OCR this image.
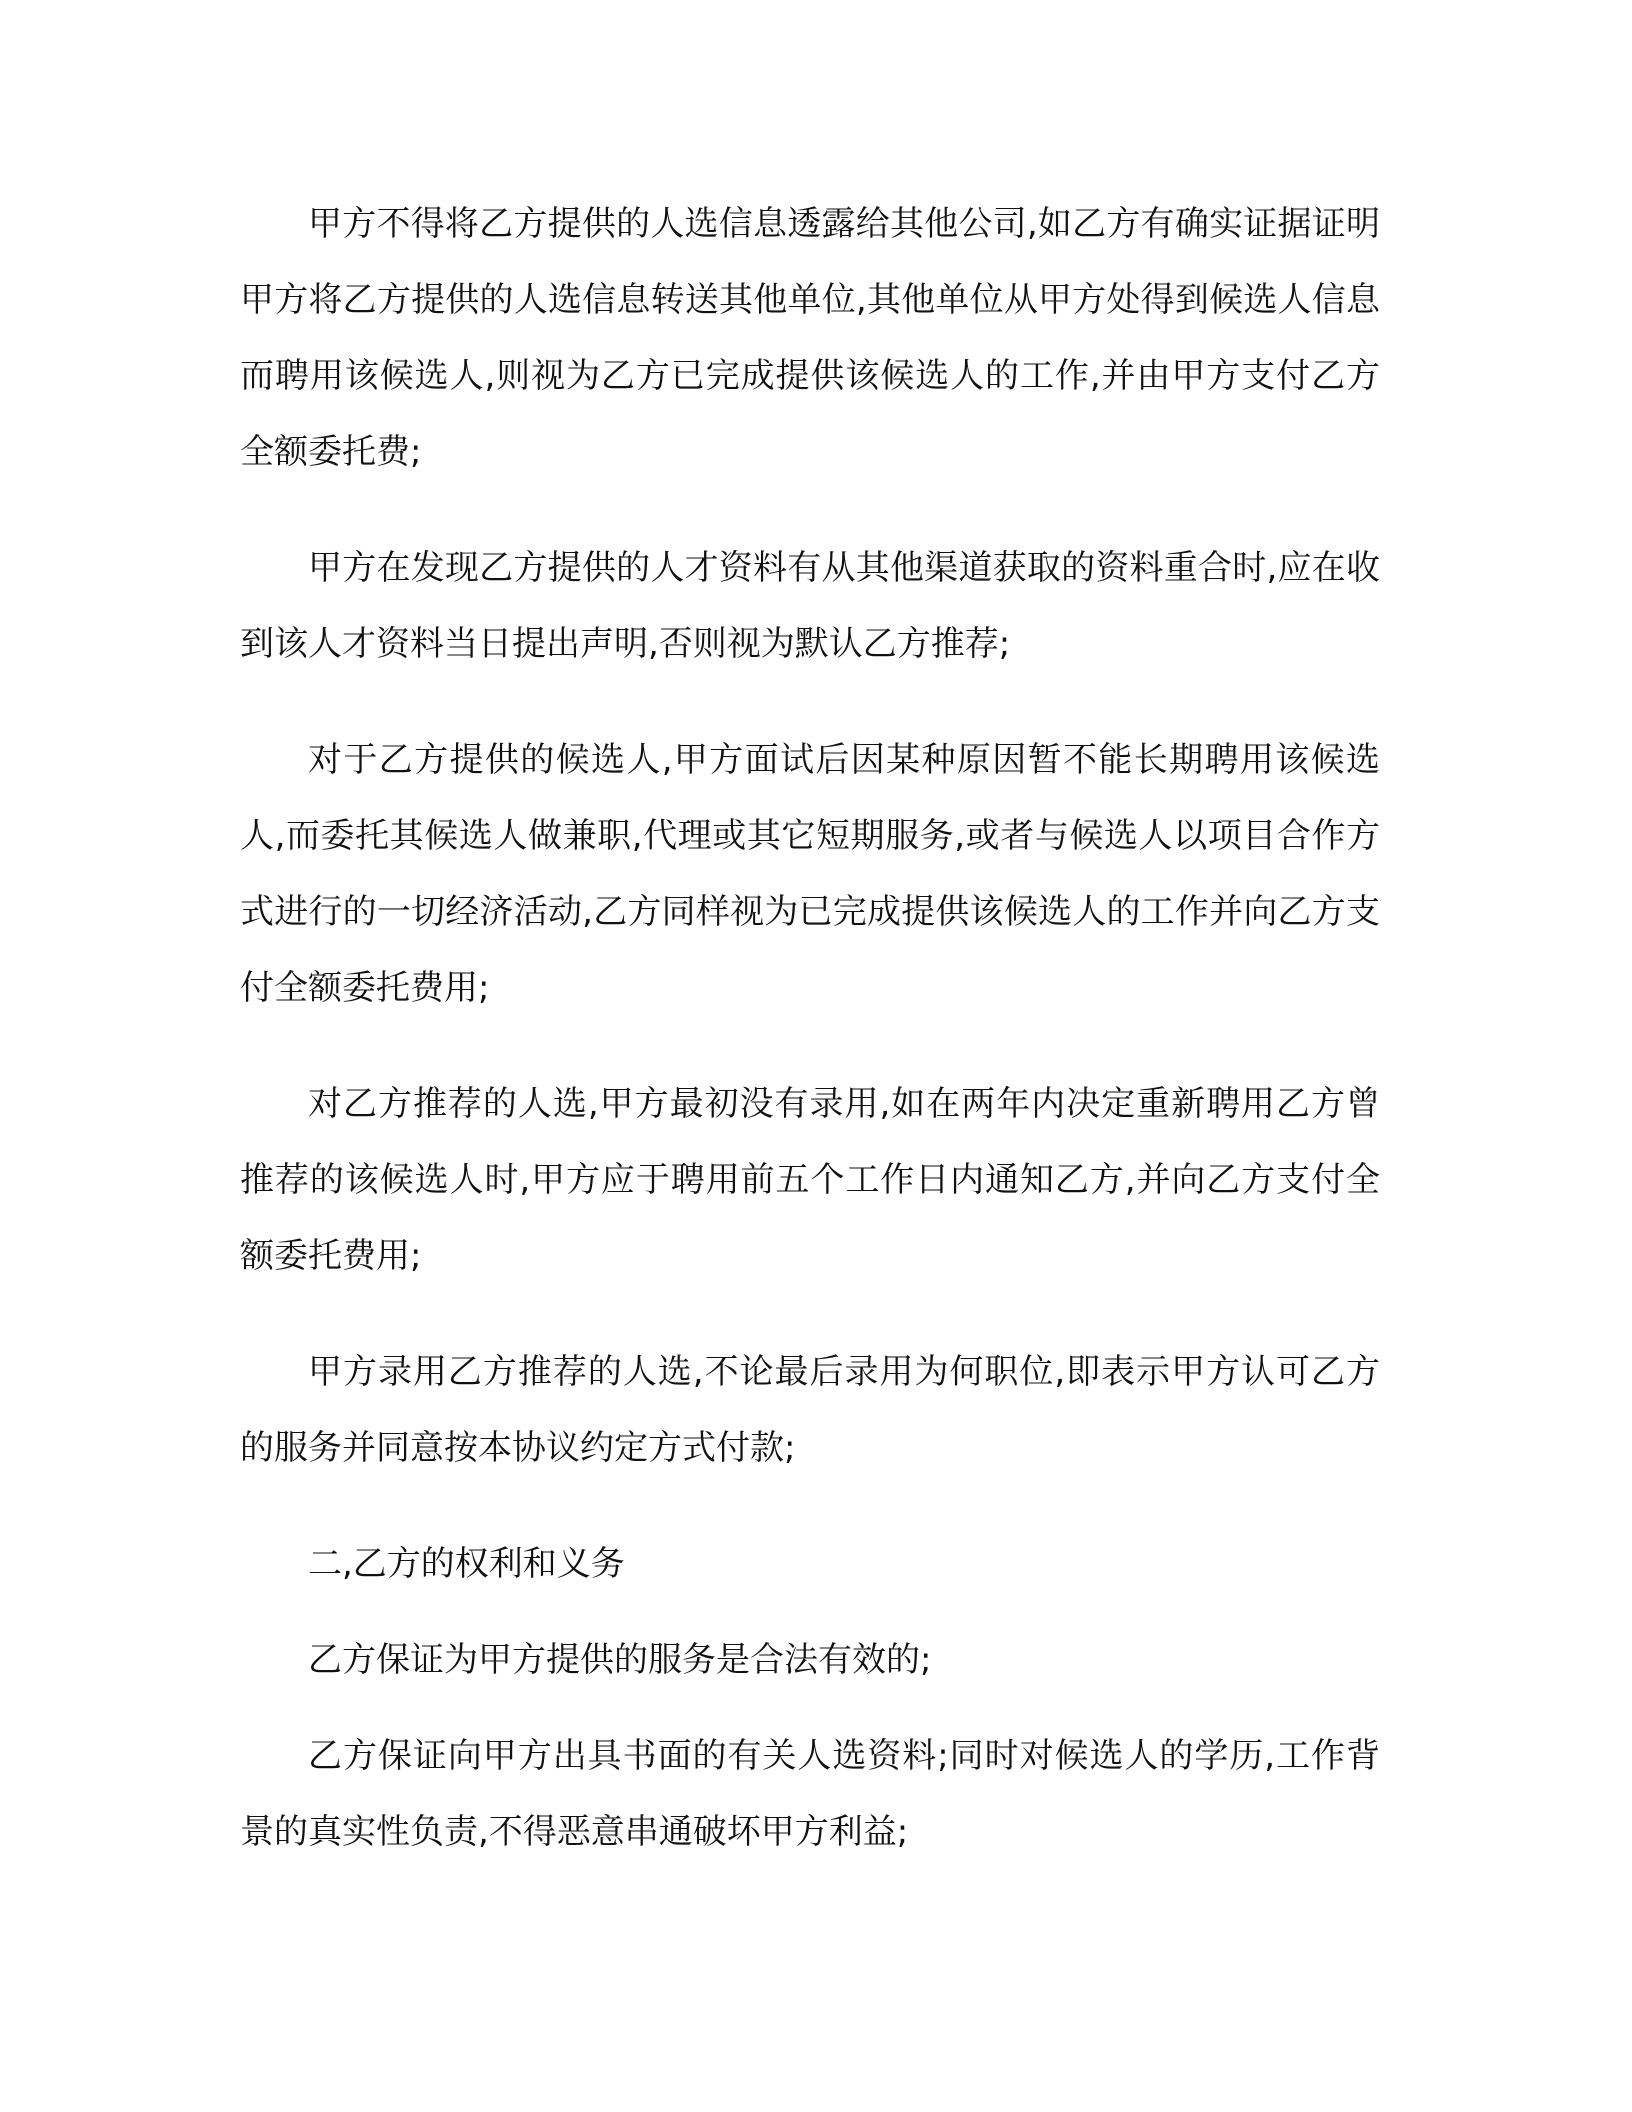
甲方不得将乙方提供的人选信息透露给其他公司,如乙方有确实证据证明甲方将乙方提供的人选信息转送其他单位,其他单位从甲方处得到候选人信息而聘用该候选人,则视为乙方已完成提供该候选人的工作,并由甲方支付乙方全额委托费;

甲方在发现乙方提供的人才资料有从其他渠道获取的资料重合时,应在收到该人才资料当日提出声明,否则视为默认乙方推荐;

对于乙方提供的候选人,甲方面试后因某种原因暂不能长期聘用该候选人,而委托其候选人做兼职,代理或其它短期服务,或者与候选人以项目合作方式进行的一切经济活动,乙方同样视为已完成提供该候选人的工作并向乙方支付全额委托费用;

对乙方推荐的人选,甲方最初没有录用,如在两年内决定重新聘用乙方曾推荐的该候选人时,甲方应于聘用前五个工作日内通知乙方,并向乙方支付全额委托费用;

甲方录用乙方推荐的人选,不论最后录用为何职位,即表示甲方认可乙方的服务并同意按本协议约定方式付款;

二,乙方的权利和义务

乙方保证为甲方提供的服务是合法有效的;

乙方保证向甲方出具书面的有关人选资料;同时对候选人的学历,工作背景的真实性负责,不得恶意串通破坏甲方利益;
